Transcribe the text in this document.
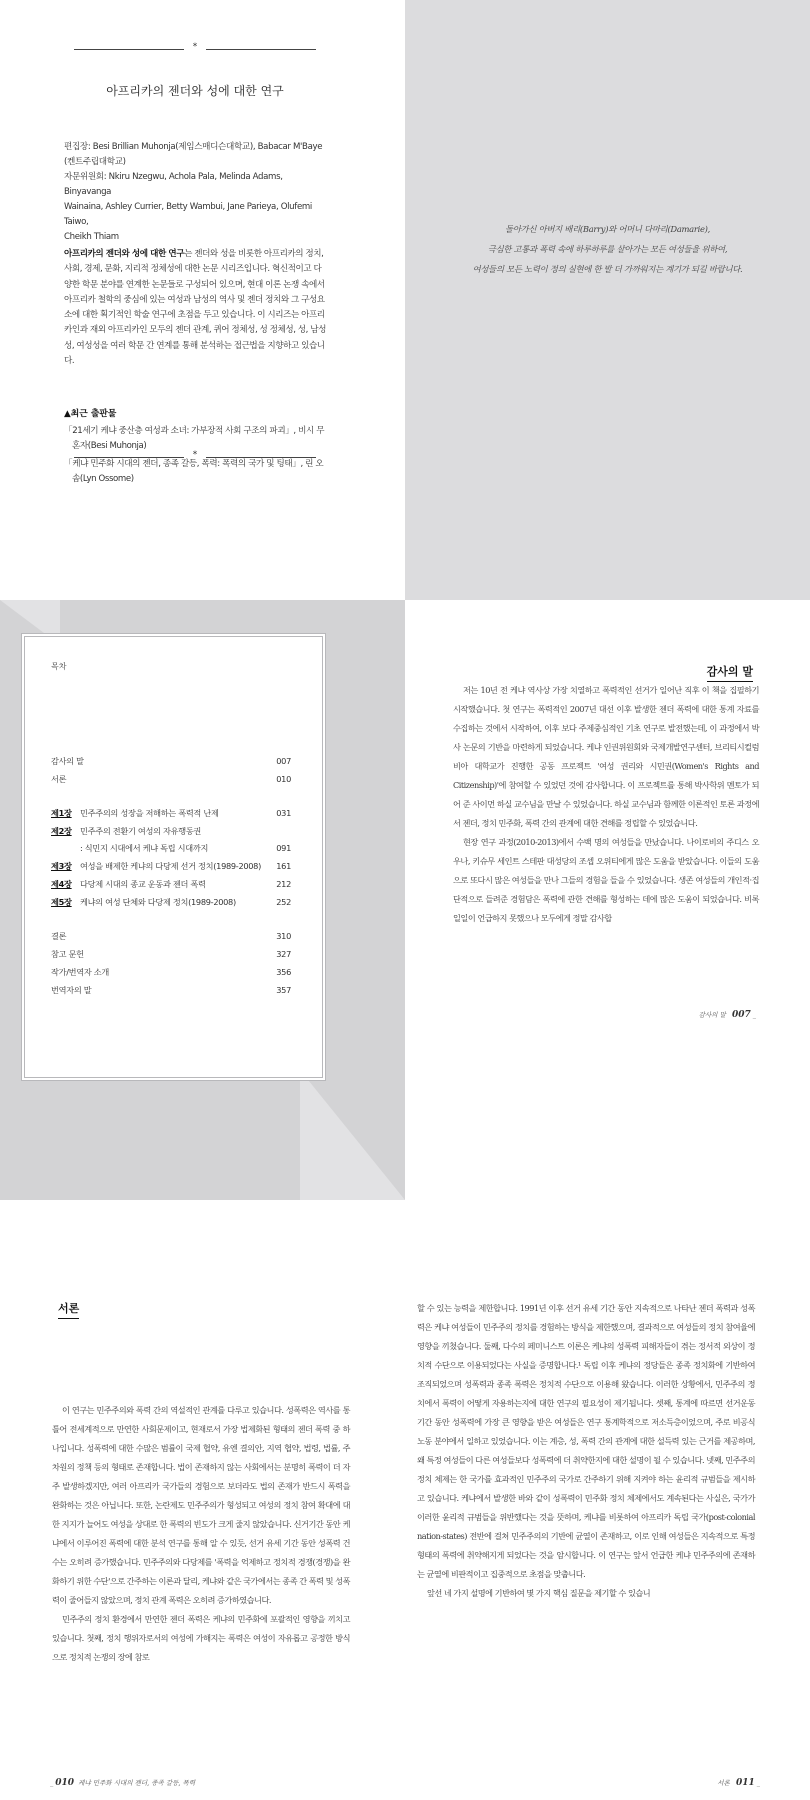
*
아프리카의 젠더와 성에 대한 연구
편집장: Besi Brillian Muhonja(제임스매디슨대학교), Babacar M'Baye
(켄트주립대학교)
자문위원회: Nkiru Nzegwu, Achola Pala, Melinda Adams, Binyavanga
Wainaina, Ashley Currier, Betty Wambui, Jane Parieya, Olufemi Taiwo,
Cheikh Thiam

아프리카의 젠더와 성에 대한 연구는 젠더와 성을 비롯한 아프리카의 정치, 사회, 경제, 문화, 지리적 정체성에 대한 논문 시리즈입니다. 혁신적이고 다양한 학문 분야를 연계한 논문들로 구성되어 있으며, 현대 이론 논쟁 속에서 아프리카 철학의 중심에 있는 여성과 남성의 역사 및 젠더 정치와 그 구성요소에 대한 획기적인 학술 연구에 초점을 두고 있습니다. 이 시리즈는 아프리카인과 재외 아프리카인 모두의 젠더 관계, 퀴어 정체성, 성 정체성, 성, 남성성, 여성성을 여러 학문 간 연계를 통해 분석하는 접근법을 지향하고 있습니다.

▲최근 출판물
「21세기 케냐 중산층 여성과 소녀: 가부장적 사회 구조의 파괴」, 비시 무혼자(Besi Muhonja)
「케냐 민주화 시대의 젠더, 종족 갈등, 폭력: 폭력의 국가 및 팅태」, 린 오솜(Lyn Ossome)
*
돌아가신 아버지 배리(Barry)와 어머니 다마리(Damarie),
극심한 고통과 폭력 속에 하루하루를 살아가는 모든 여성들을 위하여,
여성들의 모든 노력이 정의 실현에 한 발 더 가까워지는 계기가 되길 바랍니다.
목차
감사의 말	007
서론	010
제1장 민주주의의 성장을 저해하는 폭력적 난제	031
제2장 민주주의 전환기 여성의 자유행동권
: 식민지 시대에서 케냐 독립 시대까지	091
제3장 여성을 배제한 케냐의 다당제 선거 정치(1989-2008) 161
제4장 다당제 시대의 종교 운동과 젠더 폭력	212
제5장 케냐의 여성 단체와 다당제 정치(1989-2008)	252
결론	310
참고 문헌	327
작가/번역자 소개	356
번역자의 말	357
감사의 말

저는 10년 전 케냐 역사상 가장 치열하고 폭력적인 선거가 일어난 직후 이 책을 집필하기 시작했습니다. 첫 연구는 폭력적인 2007년 대선 이후 발생한 젠더 폭력에 대한 통계 자료를 수집하는 것에서 시작하여, 이후 보다 주제중심적인 기초 연구로 발전했는데, 이 과정에서 박사 논문의 기반을 마련하게 되었습니다. 케냐 인권위원회와 국제개발연구센터, 브리티시컬럼비아 대학교가 진행한 공동 프로젝트 '여성 권리와 시민권(Women's Rights and Citizenship)'에 참여할 수 있었던 것에 감사합니다. 이 프로젝트를 통해 박사학위 멘토가 되어 준 사이먼 하실 교수님을 만날 수 있었습니다. 하실 교수님과 함께한 이론적인 토론 과정에서 젠더, 정치 민주화, 폭력 간의 관계에 대한 견해를 정립할 수 있었습니다.

현장 연구 과정(2010-2013)에서 수백 명의 여성들을 만났습니다. 나이로비의 주디스 오우나, 키슈무 세인트 스테판 대성당의 조셉 오위티에게 많은 도움을 받았습니다. 이들의 도움으로 또다시 많은 여성들을 만나 그들의 경험을 들을 수 있었습니다. 생존 여성들의 개인적·집단적으로 들려준 경험담은 폭력에 관한 견해를 형성하는 데에 많은 도움이 되었습니다. 비록 일일이 언급하지 못했으나 모두에게 정말 감사합

감사의 말 007 _
서론

이 연구는 민주주의와 폭력 간의 역설적인 관계를 다루고 있습니다. 성폭력은 역사를 통틀어 전세계적으로 만연한 사회문제이고, 현재로서 가장 법제화된 형태의 젠더 폭력 중 하나입니다. 성폭력에 대한 수많은 범률이 국제 협약, 유엔 결의안, 지역 협약, 법령, 법률, 주 차원의 정책 등의 형태로 존재합니다. 법이 존재하지 않는 사회에서는 분명히 폭력이 더 자주 발생하겠지만, 여러 아프리카 국가들의 경험으로 보더라도 법의 존재가 반드시 폭력을 완화하는 것은 아닙니다. 또한, 논란제도 민주주의가 형성되고 여성의 정치 참여 확대에 대한 지지가 늘어도 여성을 상대로 한 폭력의 빈도가 크게 줄지 않았습니다. 신거기간 동안 케냐에서 이루어진 폭력에 대한 분석 연구를 통해 알 수 있듯, 선거 유세 기간 동안 성폭력 건수는 오히려 증가했습니다. 민주주의와 다당제를 '폭력을 억제하고 정치적 경쟁(경쟁)을 완화하기 위한 수단'으로 간주하는 이론과 달리, 케냐와 같은 국가에서는 종족 간 폭력 및 성폭력이 줄어들지 않았으며, 정치 관계 폭력은 오히려 증가하였습니다.

민주주의 정치 환경에서 만연한 젠더 폭력은 케냐의 민주화에 포괄적인 영향을 끼치고 있습니다. 첫째, 정치 행위자로서의 여성에 가해지는 폭력은 여성이 자유롭고 공정한 방식으로 정치적 논쟁의 장에 참로

_ 010 케냐 민주화 시대의 젠더, 종족 갈등, 폭력

할 수 있는 능력을 제한합니다. 1991년 이후 선거 유세 기간 동안 지속적으로 나타난 젠더 폭력과 성폭력은 케냐 여성들이 민주주의 정치를 경험하는 방식을 제한했으며, 결과적으로 여성들의 정치 참여율에 영향을 끼쳤습니다. 둘째, 다수의 페미니스트 이론은 케냐의 성폭력 피해자들이 겪는 정서적 외상이 정치적 수단으로 이용되었다는 사실을 증명합니다.¹ 독립 이후 케냐의 정당들은 종족 정치화에 기반하여 조직되었으며 성폭력과 종족 폭력은 정치적 수단으로 이용해 왔습니다. 이러한 상황에서, 민주주의 정치에서 폭력이 어떻게 자용하는지에 대한 연구의 필요성이 제기됩니다. 셋째, 통계에 따르면 선거운동 기간 동안 성폭력에 가장 큰 영향을 받은 여성들은 연구 통계학적으로 저소득층이었으며, 주로 비공식 노동 분야에서 일하고 있었습니다. 이는 계층, 성, 폭력 간의 관계에 대한 설득력 있는 근거를 제공하며, 왜 특정 여성들이 다른 여성들보다 성폭력에 더 취약한지에 대한 설명이 될 수 있습니다. 넷째, 민주주의 정치 체제는 한 국가를 효과적인 민주주의 국가로 간주하기 위해 지켜야 하는 윤리적 규범들을 제시하고 있습니다. 케냐에서 발생한 바와 같이 성폭력이 민주화 정치 체제에서도 계속된다는 사실은, 국가가 이러한 윤리적 규범들을 위반했다는 것을 뜻하며, 케냐를 비롯하여 아프리카 독립 국가(post-colonial nation-states) 전반에 걸쳐 민주주의의 기반에 균열이 존재하고, 이로 인해 여성들은 지속적으로 특정 형태의 폭력에 취약해지게 되었다는 것을 암시합니다. 이 연구는 앞서 언급한 케냐 민주주의에 존재하는 균열에 비판적이고 집중적으로 초점을 맞춥니다.

앞선 네 가지 설명에 기반하여 몇 가지 핵심 질문을 제기할 수 있습니

서론 011 _
